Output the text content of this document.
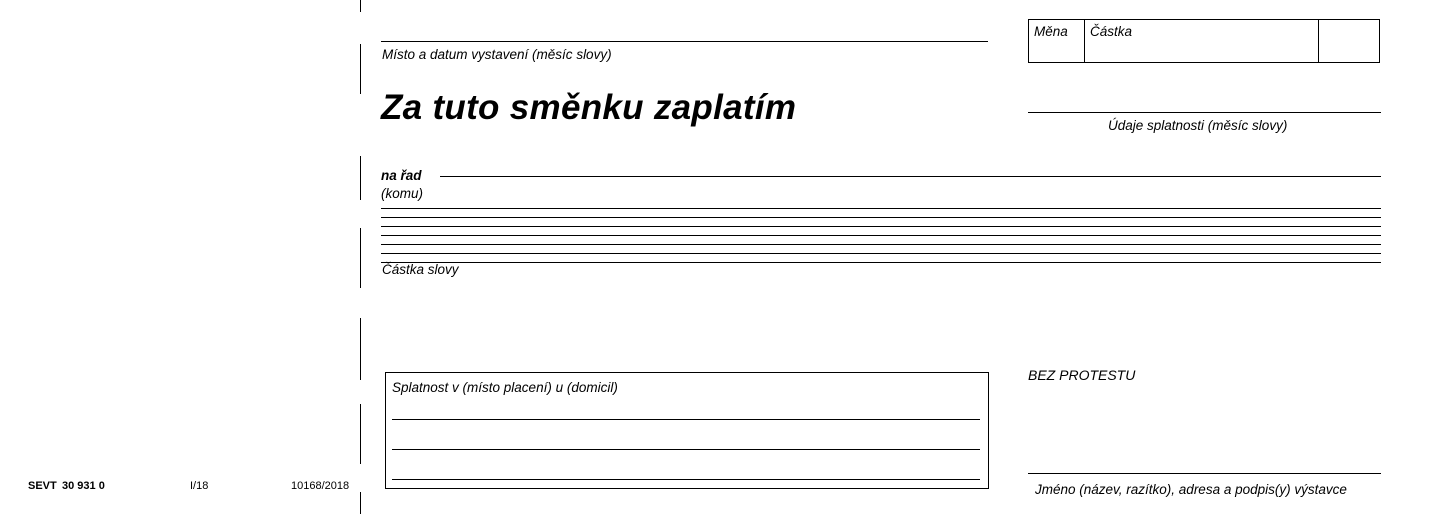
Místo a datum vystavení (měsíc slovy)
Za tuto směnku zaplatím
Měna	Částka
Údaje splatnosti (měsíc slovy)
na řad
(komu)
Částka slovy
Splatnost v (místo placení) u (domicil)
BEZ PROTESTU
Jméno (název, razítko), adresa a podpis(y) výstavce
SEVT 30 931 0	I/18	10168/2018
